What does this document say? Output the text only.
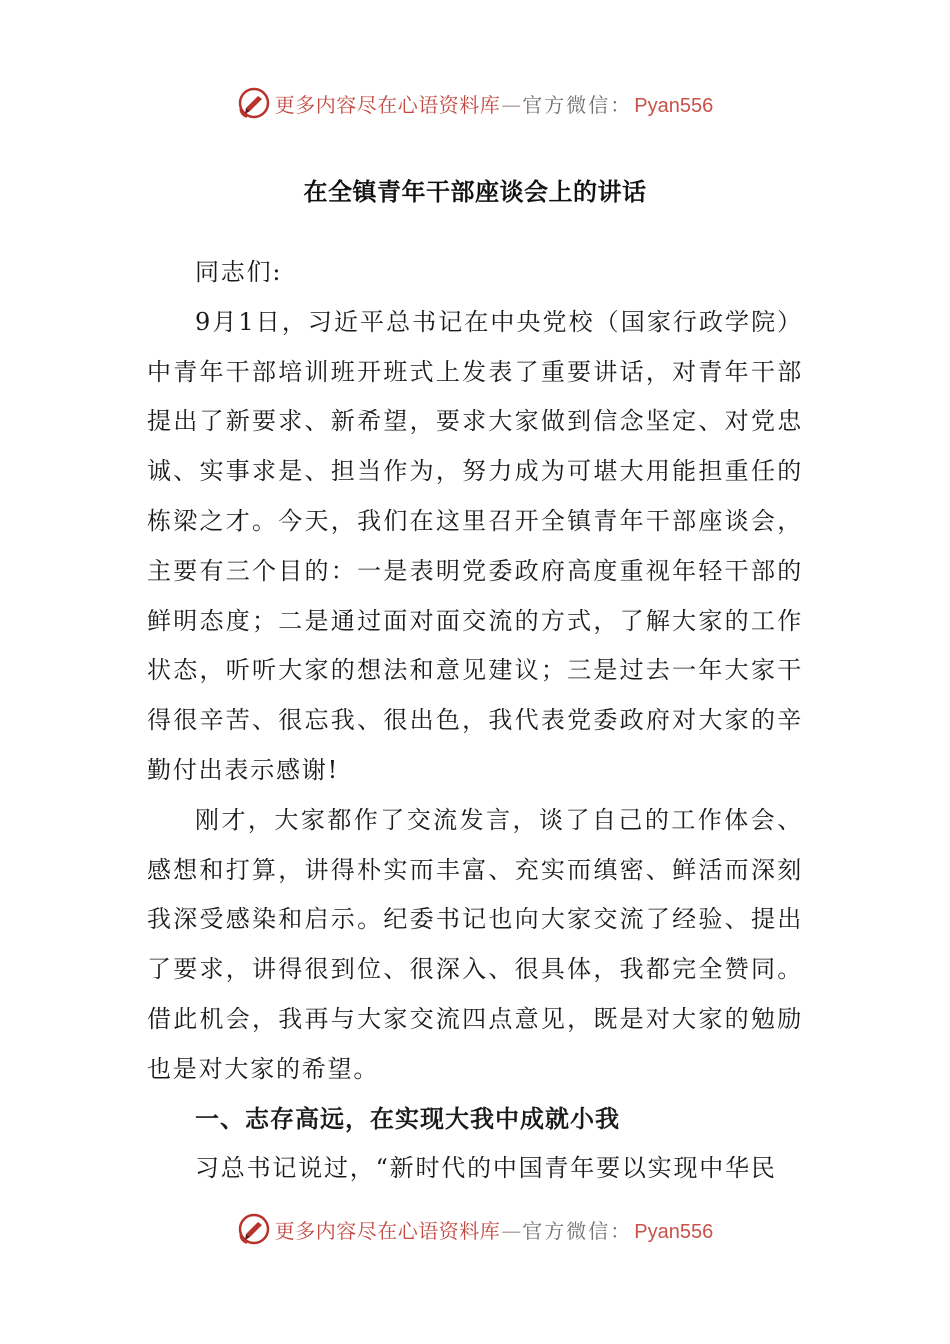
更多内容尽在心语资料库 — 官方微信： Pyan556
在全镇青年干部座谈会上的讲话

同志们:

9月1日，习近平总书记在中央党校（国家行政学院）中青年干部培训班开班式上发表了重要讲话，对青年干部提出了新要求、新希望，要求大家做到信念坚定、对党忠诚、实事求是、担当作为，努力成为可堪大用能担重任的栋梁之才。今天，我们在这里召开全镇青年干部座谈会，主要有三个目的：一是表明党委政府高度重视年轻干部的鲜明态度；二是通过面对面交流的方式，了解大家的工作状态，听听大家的想法和意见建议；三是过去一年大家干得很辛苦、很忘我、很出色，我代表党委政府对大家的辛勤付出表示感谢!

刚才，大家都作了交流发言，谈了自己的工作体会、感想和打算，讲得朴实而丰富、充实而缜密、鲜活而深刻我深受感染和启示。纪委书记也向大家交流了经验、提出了要求，讲得很到位、很深入、很具体，我都完全赞同。借此机会，我再与大家交流四点意见，既是对大家的勉励也是对大家的希望。

一、志存高远，在实现大我中成就小我

习总书记说过，“新时代的中国青年要以实现中华民

更多内容尽在心语资料库 — 官方微信： Pyan556
